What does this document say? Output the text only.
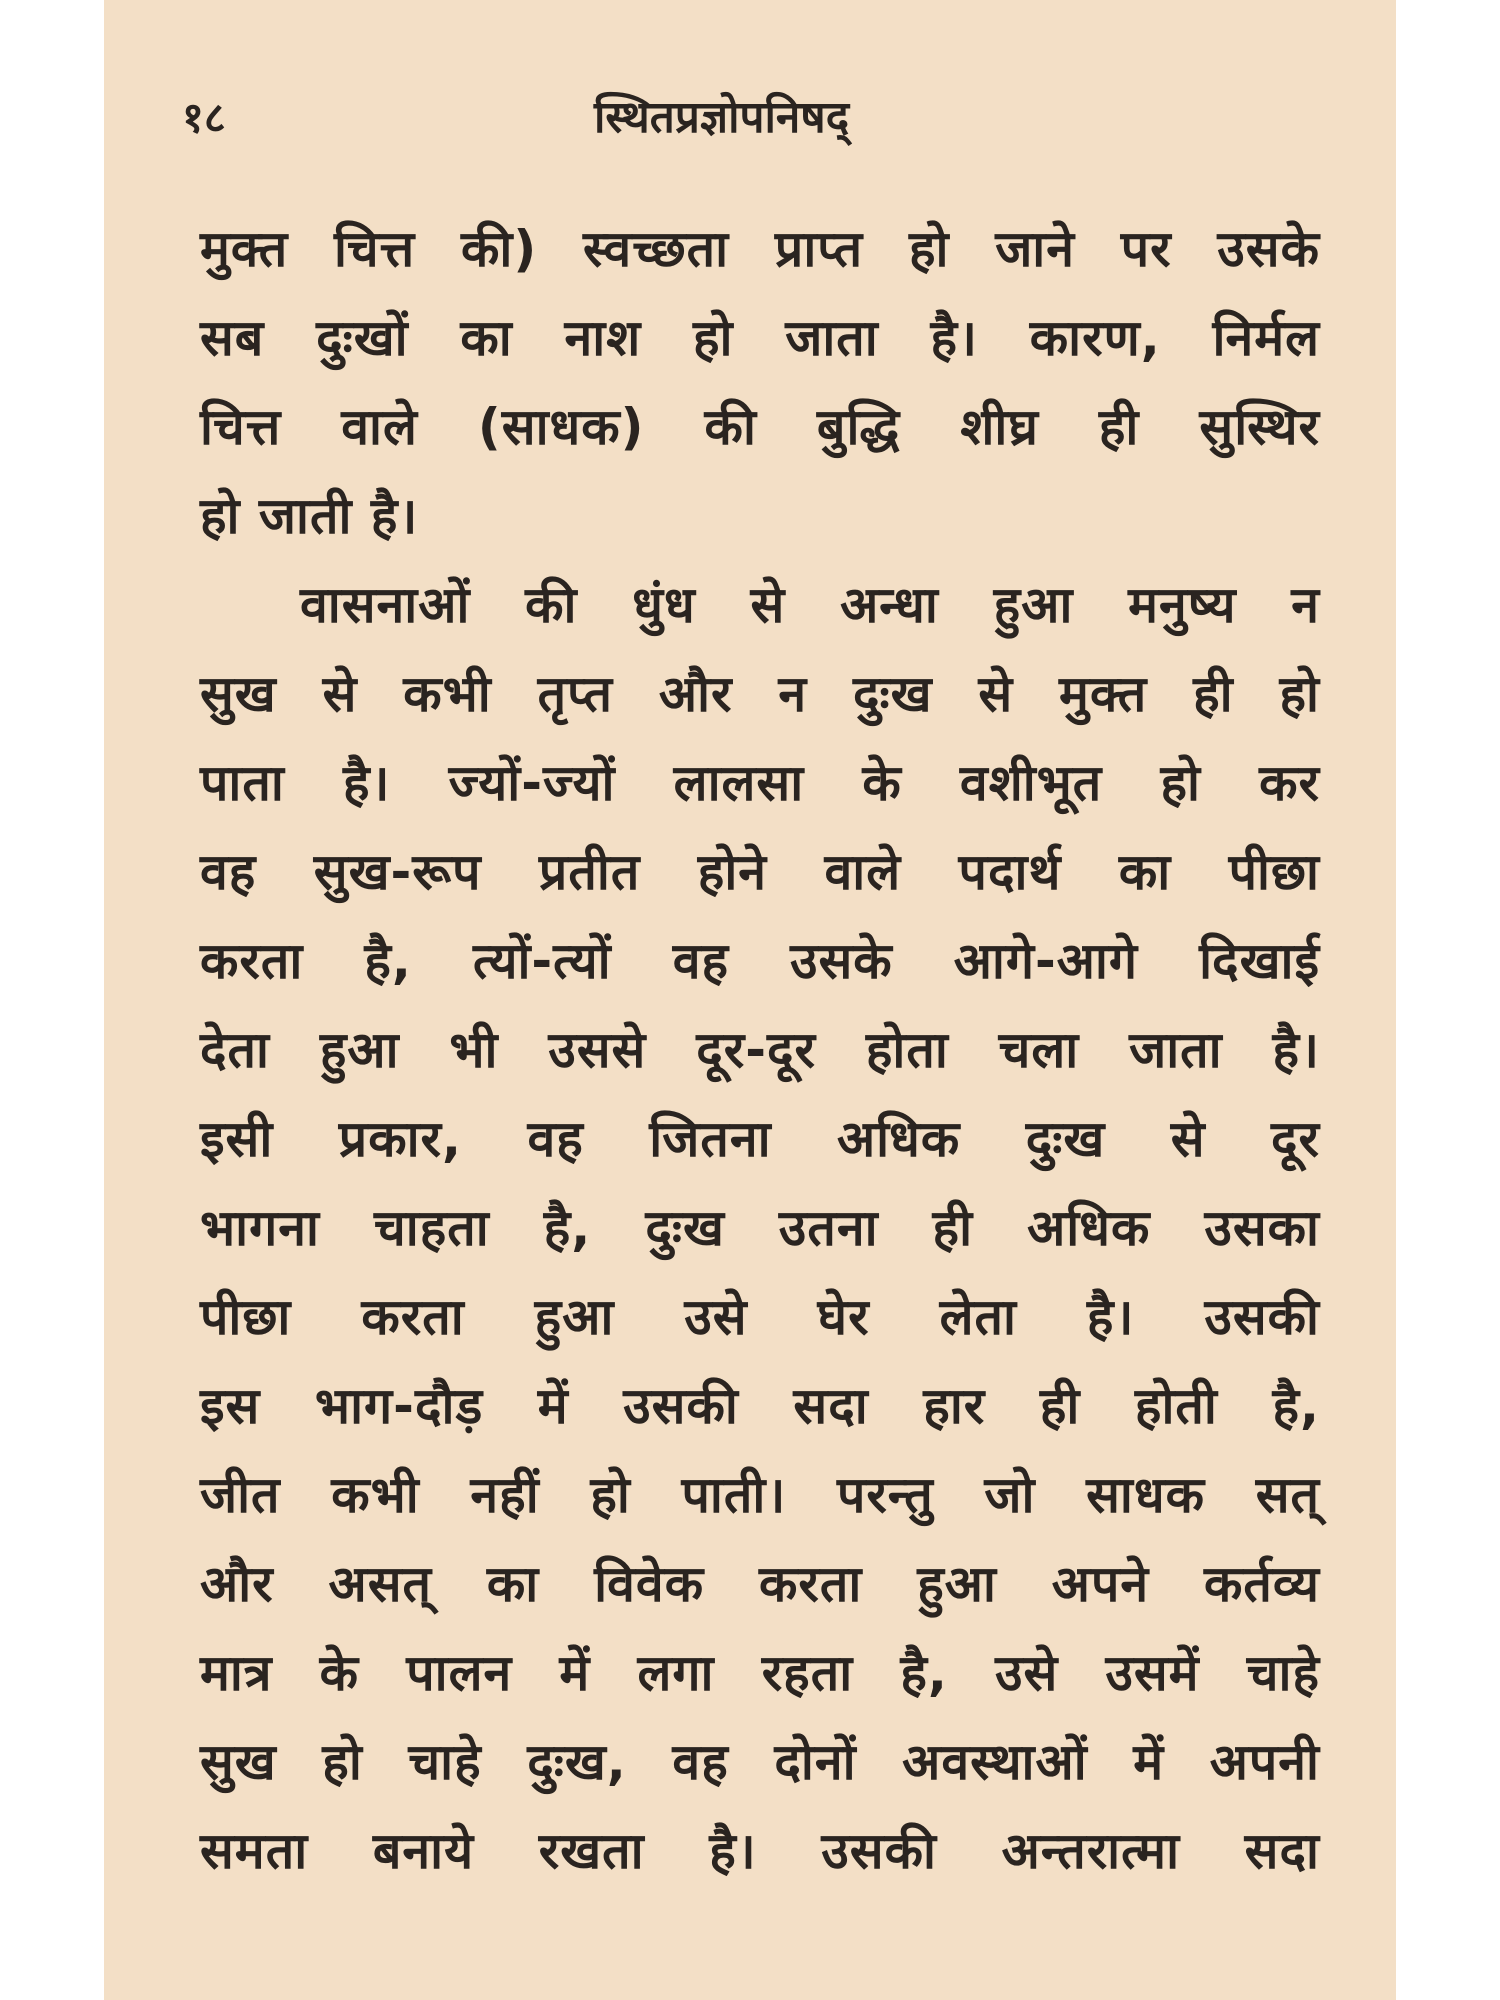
१८	स्थितप्रज्ञोपनिषद्
मुक्त चित्त की) स्वच्छता प्राप्त हो जाने पर उसके
सब दुःखों का नाश हो जाता है। कारण, निर्मल
चित्त वाले (साधक) की बुद्धि शीघ्र ही सुस्थिर
हो जाती है।
वासनाओं की धुंध से अन्धा हुआ मनुष्य न
सुख से कभी तृप्त और न दुःख से मुक्त ही हो
पाता है। ज्यों-ज्यों लालसा के वशीभूत हो कर
वह सुख-रूप प्रतीत होने वाले पदार्थ का पीछा
करता है, त्यों-त्यों वह उसके आगे-आगे दिखाई
देता हुआ भी उससे दूर-दूर होता चला जाता है।
इसी प्रकार, वह जितना अधिक दुःख से दूर
भागना चाहता है, दुःख उतना ही अधिक उसका
पीछा करता हुआ उसे घेर लेता है। उसकी
इस भाग-दौड़ में उसकी सदा हार ही होती है,
जीत कभी नहीं हो पाती। परन्तु जो साधक सत्
और असत् का विवेक करता हुआ अपने कर्तव्य
मात्र के पालन में लगा रहता है, उसे उसमें चाहे
सुख हो चाहे दुःख, वह दोनों अवस्थाओं में अपनी
समता बनाये रखता है। उसकी अन्तरात्मा सदा
